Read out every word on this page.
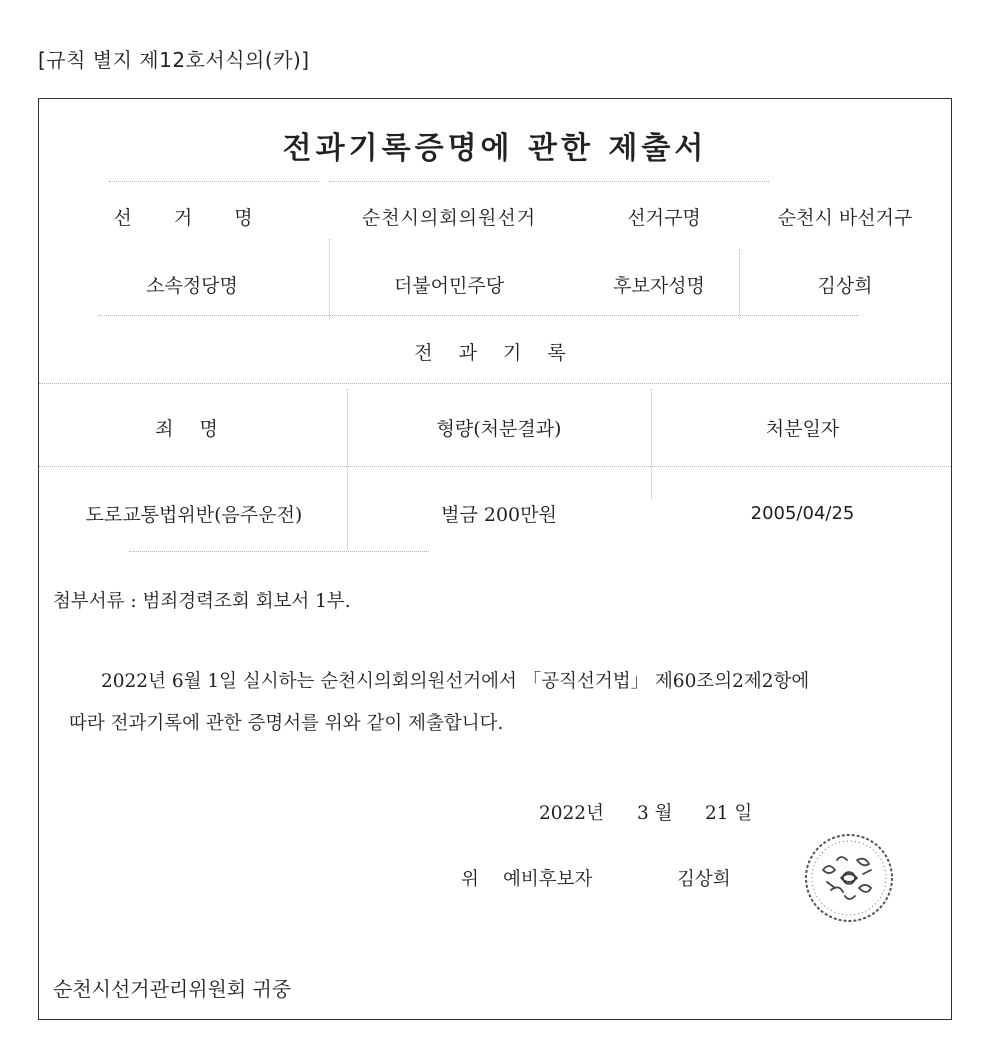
[규칙 별지 제12호서식의(카)]
전과기록증명에 관한 제출서
선 거 명	순천시의회의원선거	선거구명	순천시 바선거구
소속정당명	더불어민주당	후보자성명	김상희
전 과 기 록
죄 명	형량(처분결과)	처분일자
도로교통법위반(음주운전)	벌금 200만원	2005/04/25
첨부서류 : 범죄경력조회 회보서 1부.
2022년 6월 1일 실시하는 순천시의회의원선거에서 「공직선거법」 제60조의2제2항에
따라 전과기록에 관한 증명서를 위와 같이 제출합니다.
2022년 3 월 21 일
위 예비후보자	김상희
순천시선거관리위원회 귀중
